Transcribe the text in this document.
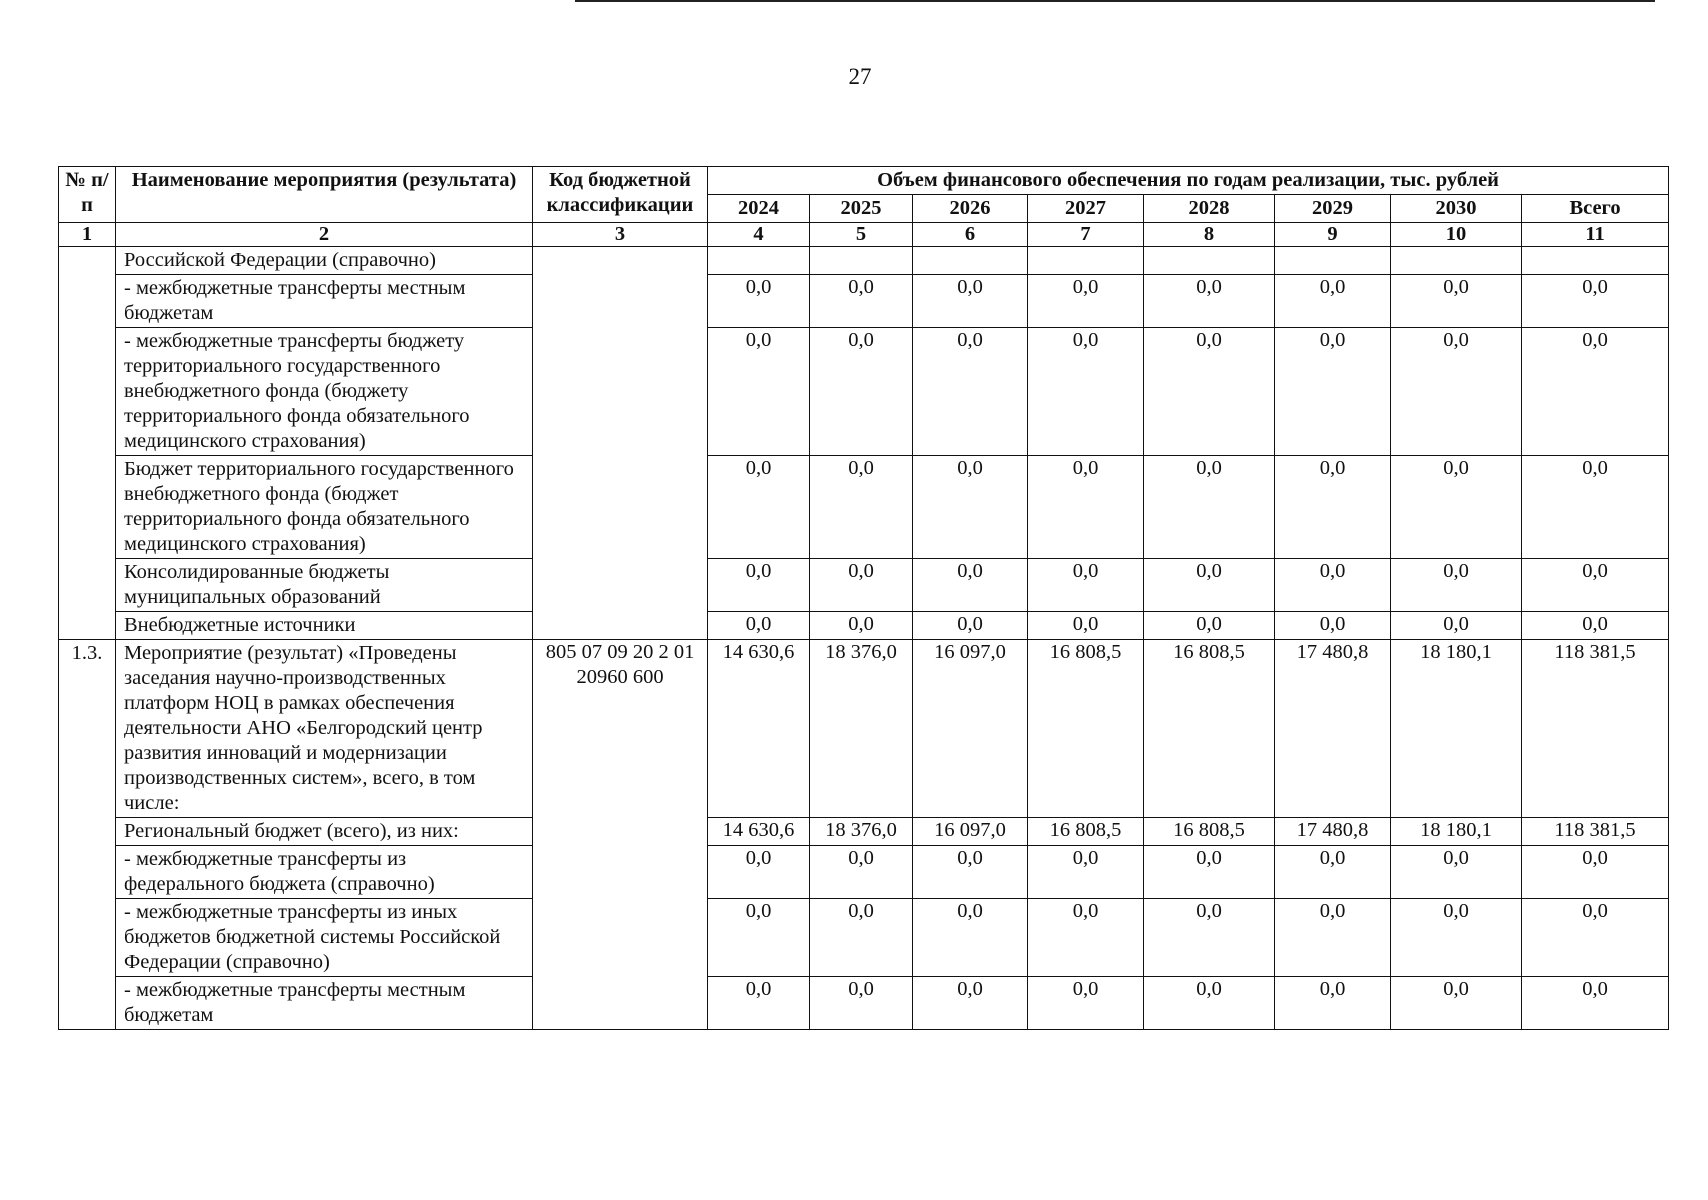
27
№ п/п	Наименование мероприятия (результата)	Код бюджетной классификации	Объем финансового обеспечения по годам реализации, тыс. рублей							
			2024	2025	2026	2027	2028	2029	2030	Всего
1	2	3	4	5	6	7	8	9	10	11
	Российской Федерации (справочно)									
	- межбюджетные трансферты местным бюджетам		0,0	0,0	0,0	0,0	0,0	0,0	0,0	0,0
	- межбюджетные трансферты бюджету территориального государственного внебюджетного фонда (бюджету территориального фонда обязательного медицинского страхования)		0,0	0,0	0,0	0,0	0,0	0,0	0,0	0,0
	Бюджет территориального государственного внебюджетного фонда (бюджет территориального фонда обязательного медицинского страхования)		0,0	0,0	0,0	0,0	0,0	0,0	0,0	0,0
	Консолидированные бюджеты муниципальных образований		0,0	0,0	0,0	0,0	0,0	0,0	0,0	0,0
	Внебюджетные источники		0,0	0,0	0,0	0,0	0,0	0,0	0,0	0,0
1.3.	Мероприятие (результат) «Проведены заседания научно-производственных платформ НОЦ в рамках обеспечения деятельности АНО «Белгородский центр развития инноваций и модернизации производственных систем», всего, в том числе:	805 07 09 20 2 01 20960 600	14 630,6	18 376,0	16 097,0	16 808,5	16 808,5	17 480,8	18 180,1	118 381,5
	Региональный бюджет (всего), из них:		14 630,6	18 376,0	16 097,0	16 808,5	16 808,5	17 480,8	18 180,1	118 381,5
	- межбюджетные трансферты из федерального бюджета (справочно)		0,0	0,0	0,0	0,0	0,0	0,0	0,0	0,0
	- межбюджетные трансферты из иных бюджетов бюджетной системы Российской Федерации (справочно)		0,0	0,0	0,0	0,0	0,0	0,0	0,0	0,0
	- межбюджетные трансферты местным бюджетам		0,0	0,0	0,0	0,0	0,0	0,0	0,0	0,0
